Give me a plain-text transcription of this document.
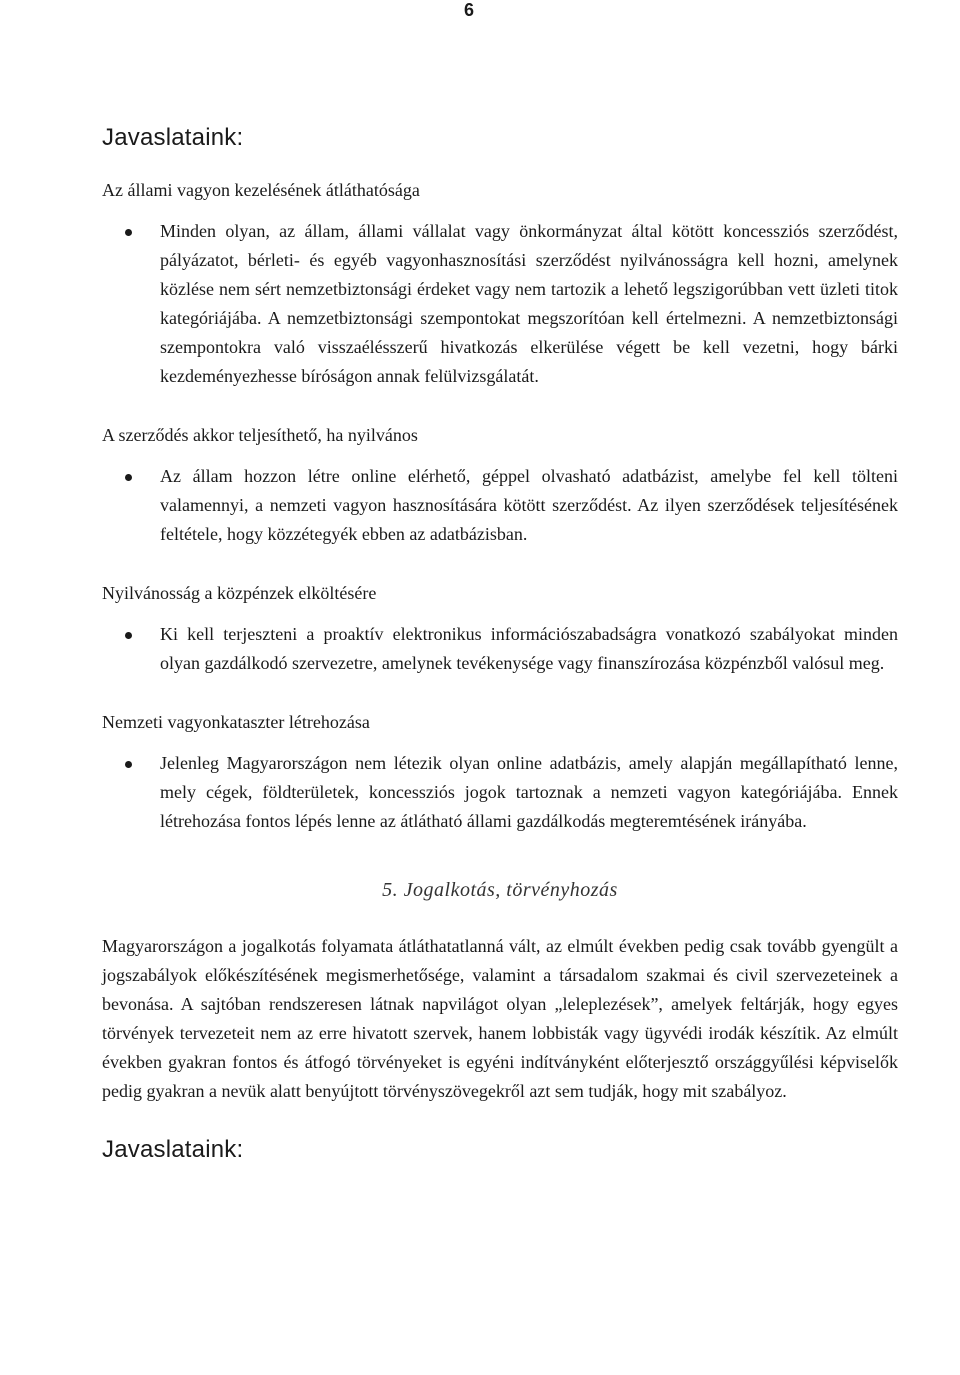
6
Javaslataink:
Az állami vagyon kezelésének átláthatósága
Minden olyan, az állam, állami vállalat vagy önkormányzat által kötött koncessziós szerződést, pályázatot, bérleti- és egyéb vagyonhasznosítási szerződést nyilvánosságra kell hozni, amelynek közlése nem sért nemzetbiztonsági érdeket vagy nem tartozik a lehető legszigorúbban vett üzleti titok kategóriájába. A nemzetbiztonsági szempontokat megszorítóan kell értelmezni. A nemzetbiztonsági szempontokra való visszaélésszerű hivatkozás elkerülése végett be kell vezetni, hogy bárki kezdeményezhesse bíróságon annak felülvizsgálatát.
A szerződés akkor teljesíthető, ha nyilvános
Az állam hozzon létre online elérhető, géppel olvasható adatbázist, amelybe fel kell tölteni valamennyi, a nemzeti vagyon hasznosítására kötött szerződést. Az ilyen szerződések teljesítésének feltétele, hogy közzétegyék ebben az adatbázisban.
Nyilvánosság a közpénzek elköltésére
Ki kell terjeszteni a proaktív elektronikus információszabadságra vonatkozó szabályokat minden olyan gazdálkodó szervezetre, amelynek tevékenysége vagy finanszírozása közpénzből valósul meg.
Nemzeti vagyonkataszter létrehozása
Jelenleg Magyarországon nem létezik olyan online adatbázis, amely alapján megállapítható lenne, mely cégek, földterületek, koncessziós jogok tartoznak a nemzeti vagyon kategóriájába. Ennek létrehozása fontos lépés lenne az átlátható állami gazdálkodás megteremtésének irányába.
5. Jogalkotás, törvényhozás

Magyarországon a jogalkotás folyamata átláthatatlanná vált, az elmúlt években pedig csak tovább gyengült a jogszabályok előkészítésének megismerhetősége, valamint a társadalom szakmai és civil szervezeteinek a bevonása. A sajtóban rendszeresen látnak napvilágot olyan „leleplezések”, amelyek feltárják, hogy egyes törvények tervezeteit nem az erre hivatott szervek, hanem lobbisták vagy ügyvédi irodák készítik. Az elmúlt években gyakran fontos és átfogó törvényeket is egyéni indítványként előterjesztő országgyűlési képviselők pedig gyakran a nevük alatt benyújtott törvényszövegekről azt sem tudják, hogy mit szabályoz.

Javaslataink:
